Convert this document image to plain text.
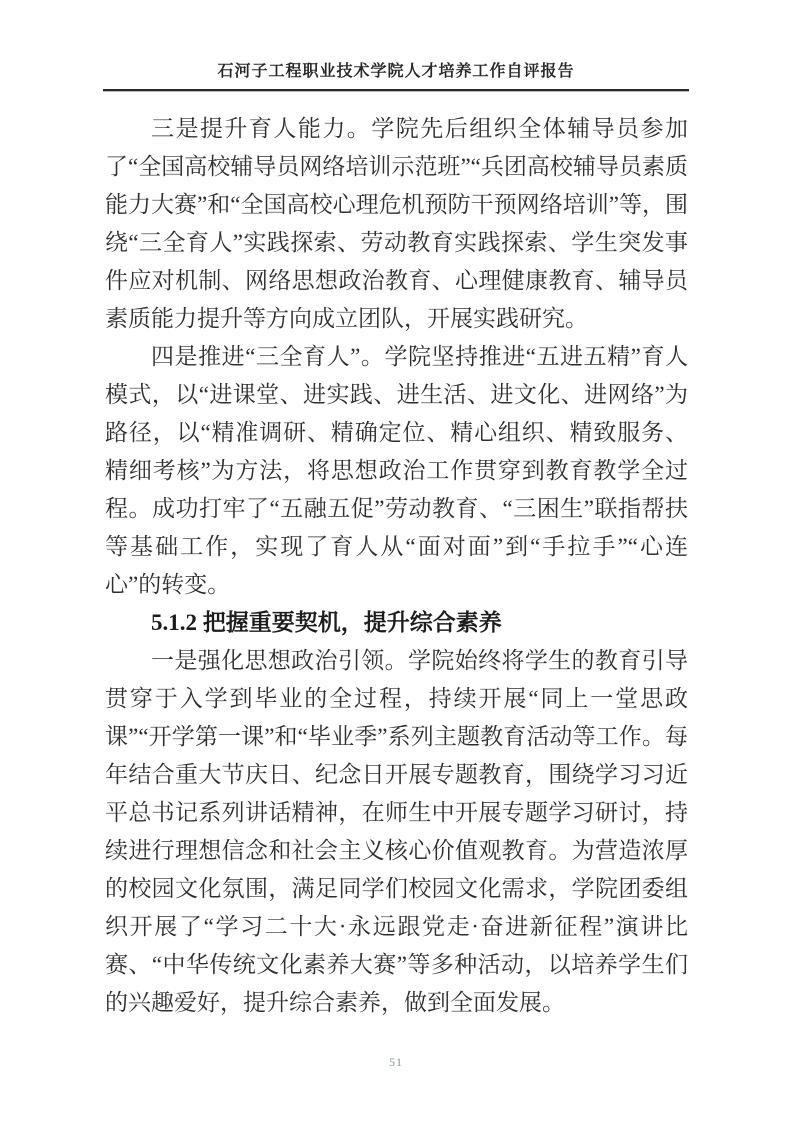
石河子工程职业技术学院人才培养工作自评报告

三是提升育人能力。学院先后组织全体辅导员参加了“全国高校辅导员网络培训示范班”“兵团高校辅导员素质能力大赛”和“全国高校心理危机预防干预网络培训”等，围绕“三全育人”实践探索、劳动教育实践探索、学生突发事件应对机制、网络思想政治教育、心理健康教育、辅导员素质能力提升等方向成立团队，开展实践研究。

四是推进“三全育人”。学院坚持推进“五进五精”育人模式，以“进课堂、进实践、进生活、进文化、进网络”为路径，以“精准调研、精确定位、精心组织、精致服务、精细考核”为方法，将思想政治工作贯穿到教育教学全过程。成功打牢了“五融五促”劳动教育、“三困生”联指帮扶等基础工作，实现了育人从“面对面”到“手拉手”“心连心”的转变。

5.1.2 把握重要契机，提升综合素养

一是强化思想政治引领。学院始终将学生的教育引导贯穿于入学到毕业的全过程，持续开展“同上一堂思政课”“开学第一课”和“毕业季”系列主题教育活动等工作。每年结合重大节庆日、纪念日开展专题教育，围绕学习习近平总书记系列讲话精神，在师生中开展专题学习研讨，持续进行理想信念和社会主义核心价值观教育。为营造浓厚的校园文化氛围，满足同学们校园文化需求，学院团委组织开展了“学习二十大·永远跟党走·奋进新征程”演讲比赛、“中华传统文化素养大赛”等多种活动，以培养学生们的兴趣爱好，提升综合素养，做到全面发展。

51
